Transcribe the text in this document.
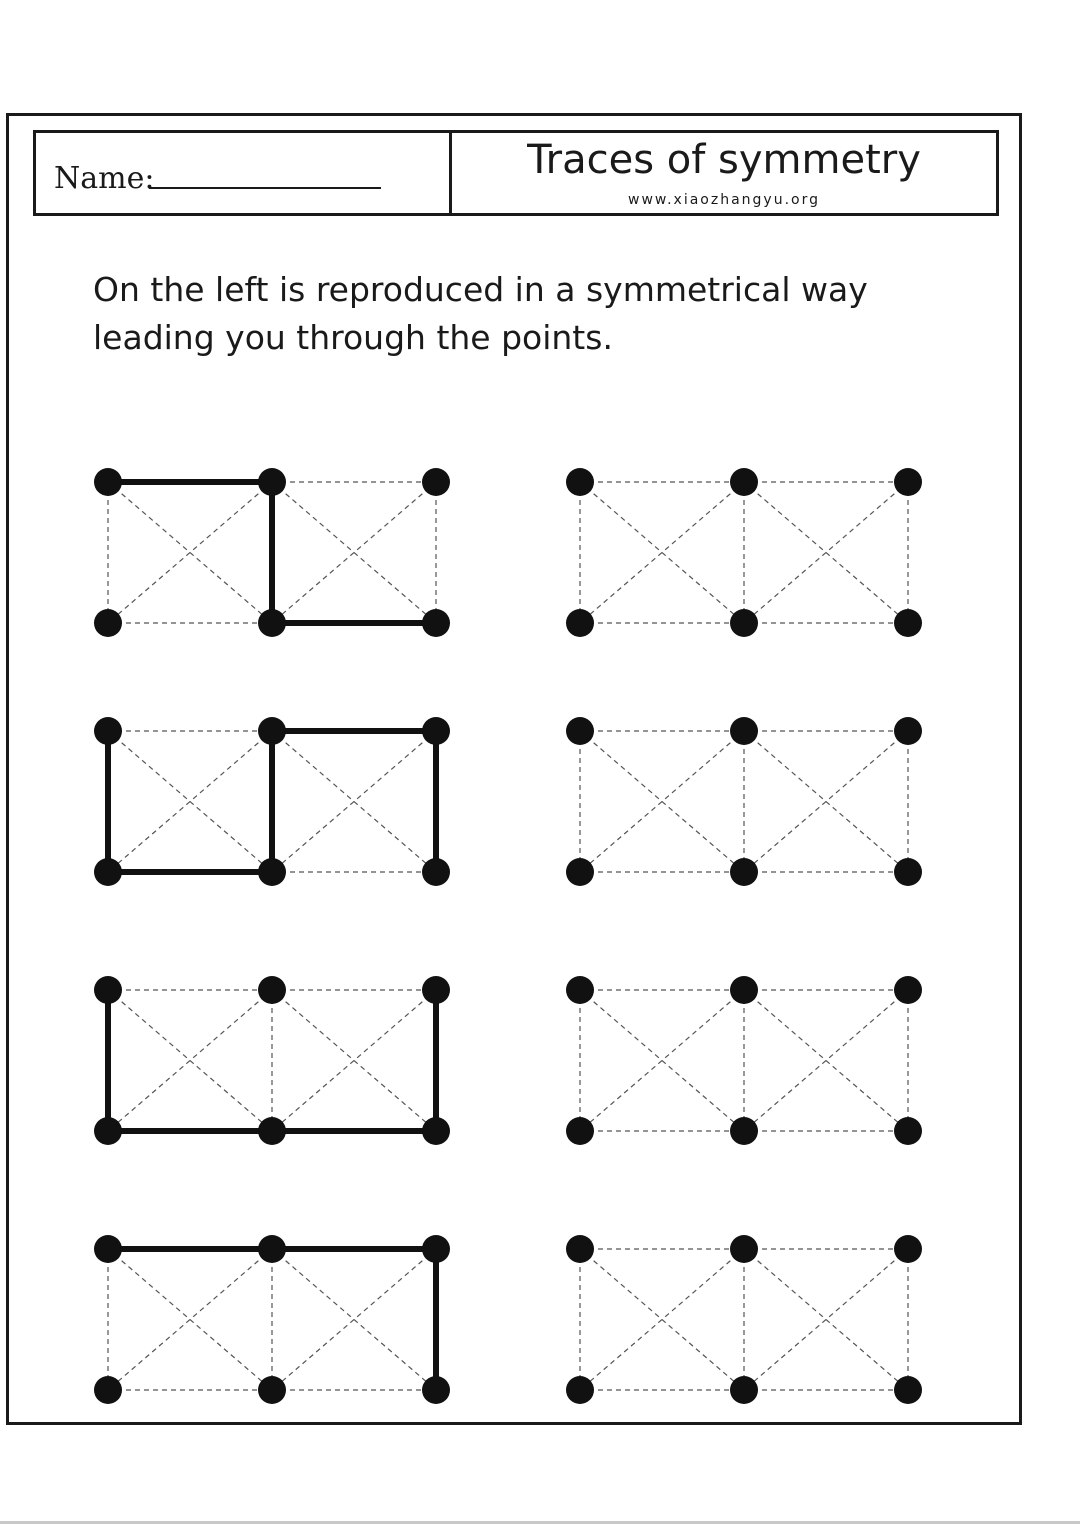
Name:	Traces of symmetry
www.xiaozhangyu.org
On the left is reproduced in a symmetrical way
leading you through the points.
